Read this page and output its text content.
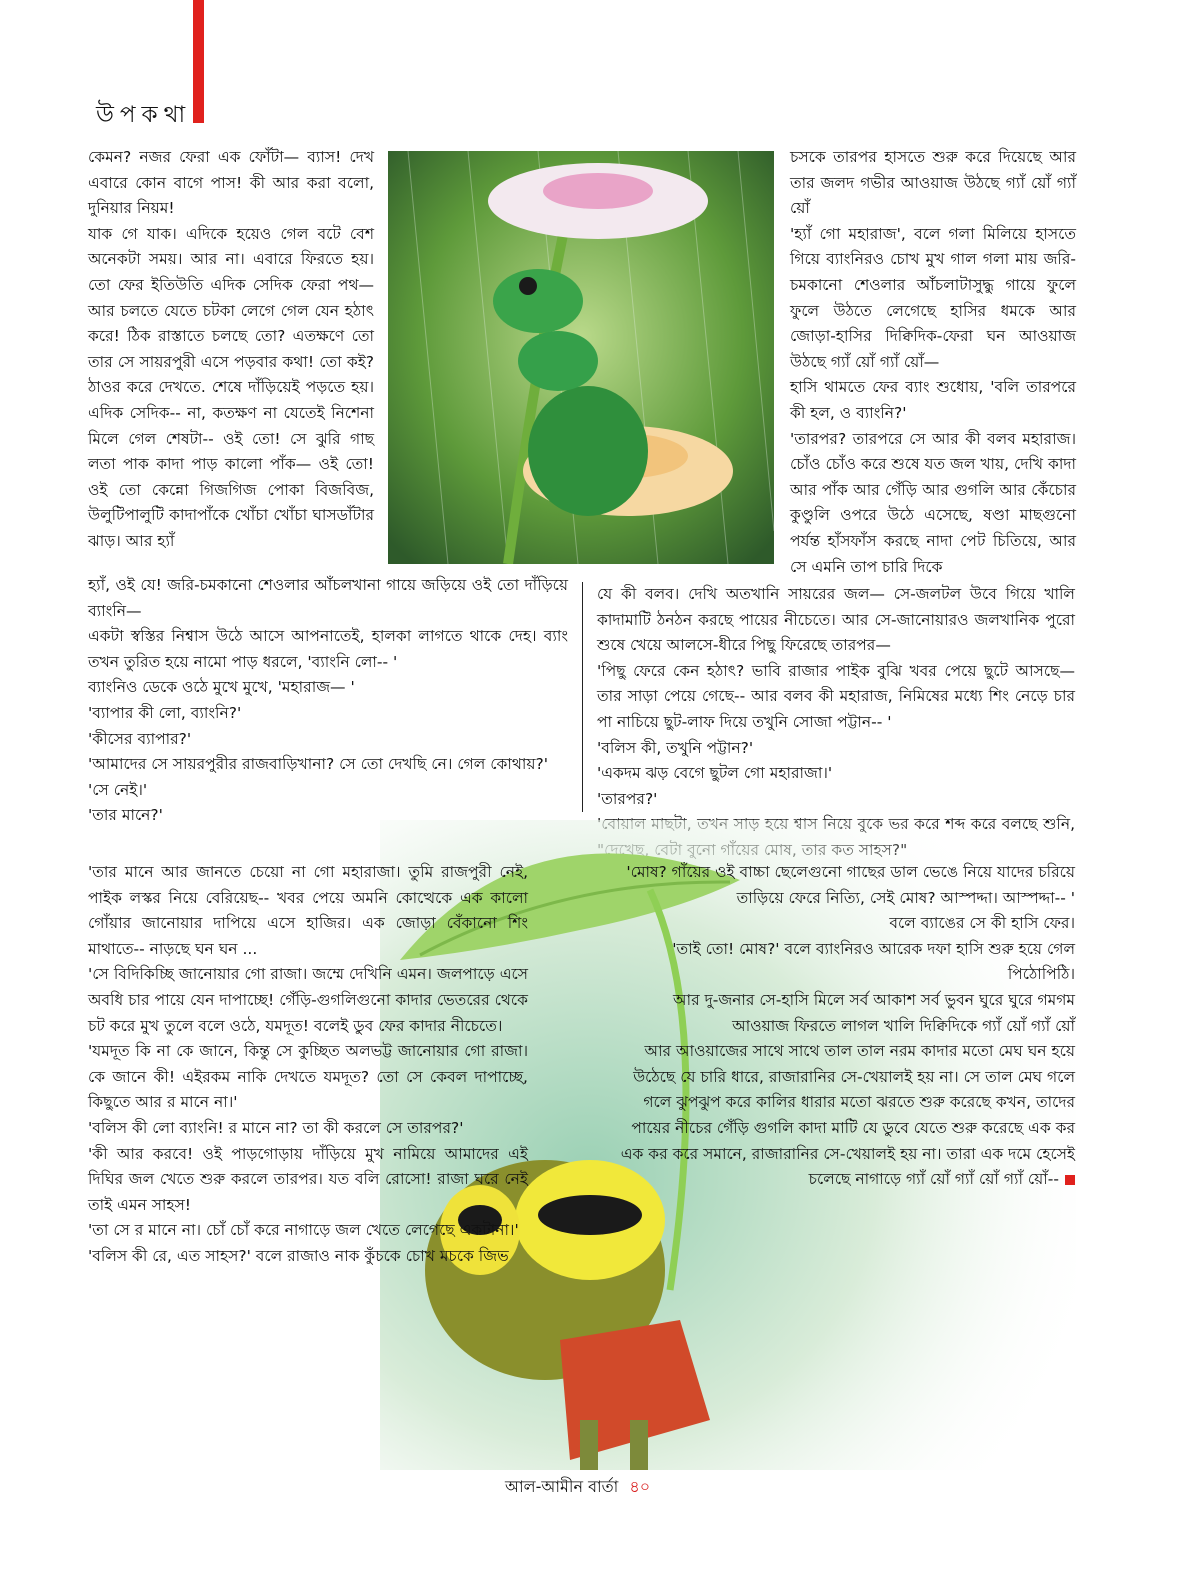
উপকথা
কেমন? নজর ফেরা এক ফোঁটা— ব্যাস! দেখ এবারে কোন বাগে পাস! কী আর করা বলো, দুনিয়ার নিয়ম!
যাক গে যাক। এদিকে হয়েও গেল বটে বেশ অনেকটা সময়। আর না। এবারে ফিরতে হয়। তো ফের ইতিউতি এদিক সেদিক ফেরা পথ— আর চলতে যেতে চটকা লেগে গেল যেন হঠাৎ করে! ঠিক রাস্তাতে চলছে তো? এতক্ষণে তো তার সে সায়রপুরী এসে পড়বার কথা! তো কই? ঠাওর করে দেখতে. শেষে দাঁড়িয়েই পড়তে হয়। এদিক সেদিক-- না, কতক্ষণ না যেতেই নিশেনা মিলে গেল শেষটা-- ওই তো! সে ঝুরি গাছ লতা পাক কাদা পাড় কালো পাঁক— ওই তো! ওই তো কেন্নো গিজগিজ পোকা বিজবিজ, উলুটিপালুটি কাদাপাঁকে খোঁচা খোঁচা ঘাসডাঁটার ঝাড়। আর হ্যাঁ
চসকে তারপর হাসতে শুরু করে দিয়েছে আর তার জলদ গভীর আওয়াজ উঠছে গ্যাঁ য়োঁ গ্যাঁ য়োঁ
'হ্যাঁ গো মহারাজ', বলে গলা মিলিয়ে হাসতে গিয়ে ব্যাংনিরও চোখ মুখ গাল গলা মায় জরি-চমকানো শেওলার আঁচলাটাসুদ্ধু গায়ে ফুলে ফুলে উঠতে লেগেছে হাসির ধমকে আর জোড়া-হাসির দিক্বিদিক-ফেরা ঘন আওয়াজ উঠছে গ্যাঁ য়োঁ গ্যাঁ য়োঁ—
হাসি থামতে ফের ব্যাং শুধোয়, 'বলি তারপরে কী হল, ও ব্যাংনি?'
'তারপর? তারপরে সে আর কী বলব মহারাজ। চোঁও চোঁও করে শুষে যত জল খায়, দেখি কাদা আর পাঁক আর গেঁড়ি আর গুগলি আর কেঁচোর কুণ্ডুলি ওপরে উঠে এসেছে, ষণ্ডা মাছগুনো পর্যন্ত হাঁসফাঁস করছে নাদা পেট চিতিয়ে, আর সে এমনি তাপ চারি দিকে
হ্যাঁ, ওই যে! জরি-চমকানো শেওলার আঁচলখানা গায়ে জড়িয়ে ওই তো দাঁড়িয়ে ব্যাংনি—
একটা স্বস্তির নিশ্বাস উঠে আসে আপনাতেই, হালকা লাগতে থাকে দেহ। ব্যাং তখন তুরিত হয়ে নামো পাড় ধরলে, 'ব্যাংনি লো-- '
ব্যাংনিও ডেকে ওঠে মুখে মুখে, 'মহারাজ— '
'ব্যাপার কী লো, ব্যাংনি?'
'কীসের ব্যাপার?'
'আমাদের সে সায়রপুরীর রাজবাড়িখানা? সে তো দেখছি নে। গেল কোথায়?'
'সে নেই।'
'তার মানে?'
যে কী বলব। দেখি অতখানি সায়রের জল— সে-জলটল উবে গিয়ে খালি কাদামাটি ঠনঠন করছে পায়ের নীচেতে। আর সে-জানোয়ারও জলখানিক পুরো শুষে খেয়ে আলসে-ধীরে পিছু ফিরেছে তারপর—
'পিছু ফেরে কেন হঠাৎ? ভাবি রাজার পাইক বুঝি খবর পেয়ে ছুটে আসছে— তার সাড়া পেয়ে গেছে-- আর বলব কী মহারাজ, নিমিষের মধ্যে শিং নেড়ে চার পা নাচিয়ে ছুট-লাফ দিয়ে তখুনি সোজা পট্টান-- '
'বলিস কী, তখুনি পট্টান?'
'একদম ঝড় বেগে ছুটল গো মহারাজা।'
'তারপর?'

'তার মানে আর জানতে চেয়ো না গো মহারাজা। তুমি রাজপুরী নেই, পাইক লস্কর নিয়ে বেরিয়েছ-- খবর পেয়ে অমনি কোত্থেকে এক কালো গোঁয়ার জানোয়ার দাপিয়ে এসে হাজির। এক জোড়া বেঁকানো শিং মাথাতে-- নাড়ছে ঘন ঘন ...
'সে বিদিকিচ্ছি জানোয়ার গো রাজা। জম্মে দেখিনি এমন। জলপাড়ে এসে অবধি চার পায়ে যেন দাপাচ্ছে! গেঁড়ি-গুগলিগুনো কাদার ভেতরের থেকে চট করে মুখ তুলে বলে ওঠে, যমদূত! বলেই ডুব ফের কাদার নীচেতে।
'যমদূত কি না কে জানে, কিন্তু সে কুচ্ছিত অলভট্ট জানোয়ার গো রাজা। কে জানে কী! এইরকম নাকি দেখতে যমদূত? তো সে কেবল দাপাচ্ছে, কিছুতে আর র মানে না।'
'বলিস কী লো ব্যাংনি! র মানে না? তা কী করলে সে তারপর?'
'কী আর করবে! ওই পাড়গোড়ায় দাঁড়িয়ে মুখ নামিয়ে আমাদের এই দিঘির জল খেতে শুরু করলে তারপর। যত বলি রোসো! রাজা ঘরে নেই তাই এমন সাহস!
'তা সে র মানে না। চোঁ চোঁ করে নাগাড়ে জল খেতে লেগেছে একটানা।'
'বলিস কী রে, এত সাহস?' বলে রাজাও নাক কুঁচকে চোখ মচকে জিভ
'মোষ? গাঁয়ের ওই বাচ্চা ছেলেগুনো গাছের ডাল ভেঙে নিয়ে যাদের চরিয়ে তাড়িয়ে ফেরে নিত্যি, সেই মোষ? আস্পদ্দা। আস্পদ্দা-- '
বলে ব্যাঙের সে কী হাসি ফের।
'তাই তো! মোষ?' বলে ব্যাংনিরও আরেক দফা হাসি শুরু হয়ে গেল পিঠোপিঠি।
আর দু-জনার সে-হাসি মিলে সর্ব আকাশ সর্ব ভুবন ঘুরে ঘুরে গমগম আওয়াজ ফিরতে লাগল খালি দিক্বিদিকে গ্যাঁ য়োঁ গ্যাঁ য়োঁ
আর আওয়াজের সাথে সাথে তাল তাল নরম কাদার মতো মেঘ ঘন হয়ে উঠেছে যে চারি ধারে, রাজারানির সে-খেয়ালই হয় না। সে তাল মেঘ গলে গলে ঝুপঝুপ করে কালির ধারার মতো ঝরতে শুরু করেছে কখন, তাদের পায়ের নীচের গেঁড়ি গুগলি কাদা মাটি যে ডুবে যেতে শুরু করেছে এক কর এক কর করে সমানে, রাজারানির সে-খেয়ালই হয় না। তারা এক দমে হেসেই চলেছে নাগাড়ে গ্যাঁ য়োঁ গ্যাঁ য়োঁ গ্যাঁ য়োঁ--
আল-আমীন বার্তা ৪০
